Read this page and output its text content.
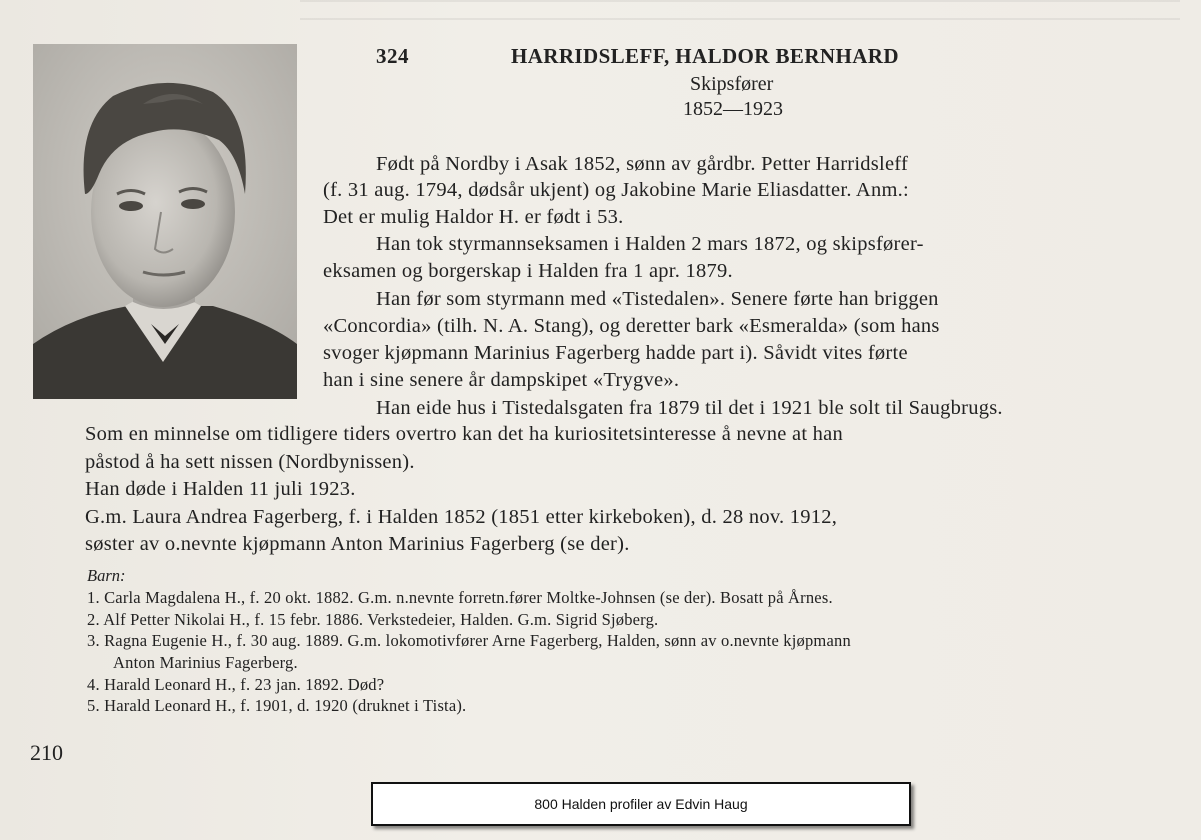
324	HARRIDSLEFF, HALDOR BERNHARD
Skipsfører
1852—1923
Født på Nordby i Asak 1852, sønn av gårdbr. Petter Harridsleff
(f. 31 aug. 1794, dødsår ukjent) og Jakobine Marie Eliasdatter. Anm.:
Det er mulig Haldor H. er født i 53.
Han tok styrmannseksamen i Halden 2 mars 1872, og skipsfører-
eksamen og borgerskap i Halden fra 1 apr. 1879.
Han før som styrmann med «Tistedalen». Senere førte han briggen
«Concordia» (tilh. N. A. Stang), og deretter bark «Esmeralda» (som hans
svoger kjøpmann Marinius Fagerberg hadde part i). Såvidt vites førte
han i sine senere år dampskipet «Trygve».
Han eide hus i Tistedalsgaten fra 1879 til det i 1921 ble solt til Saugbrugs.
Som en minnelse om tidligere tiders overtro kan det ha kuriositetsinteresse å nevne at han
påstod å ha sett nissen (Nordbynissen).
Han døde i Halden 11 juli 1923.
G.m. Laura Andrea Fagerberg, f. i Halden 1852 (1851 etter kirkeboken), d. 28 nov. 1912,
søster av o.nevnte kjøpmann Anton Marinius Fagerberg (se der).
Barn:
1. Carla Magdalena H., f. 20 okt. 1882. G.m. n.nevnte forretn.fører Moltke-Johnsen (se der). Bosatt på Årnes.
2. Alf Petter Nikolai H., f. 15 febr. 1886. Verkstedeier, Halden. G.m. Sigrid Sjøberg.
3. Ragna Eugenie H., f. 30 aug. 1889. G.m. lokomotivfører Arne Fagerberg, Halden, sønn av o.nevnte kjøpmann
Anton Marinius Fagerberg.
4. Harald Leonard H., f. 23 jan. 1892. Død?
5. Harald Leonard H., f. 1901, d. 1920 (druknet i Tista).
210
800 Halden profiler av Edvin Haug
